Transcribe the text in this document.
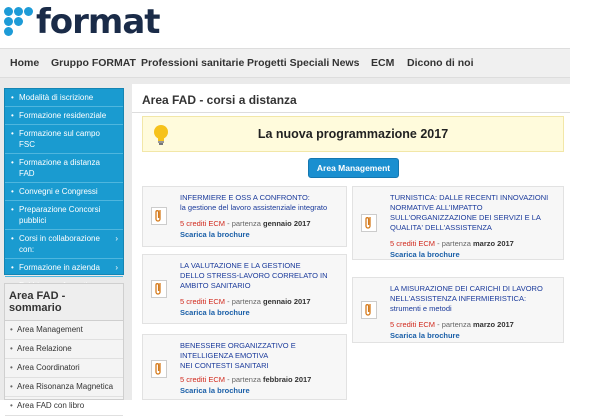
format
Home Gruppo FORMAT Professioni sanitarie Progetti Speciali News ECM Dicono di noi
• Modalità di iscrizione
• Formazione residenziale
• Formazione sul campo FSC
• Formazione a distanza FAD
• Convegni e Congressi
• Preparazione Concorsi pubblici
• Corsi in collaborazione con:
›
• Formazione in azienda ›
•
Area FAD - sommario
• Area Management
• Area Relazione
• Area Coordinatori
• Area Risonanza Magnetica
• Area FAD con libro
Area FAD - corsi a distanza
La nuova programmazione 2017
Area Management
INFERMIERE E OSS A CONFRONTO:
la gestione del lavoro assistenziale integrato
5 crediti ECM - partenza gennaio 2017
Scarica la brochure
TURNISTICA: DALLE RECENTI INNOVAZIONI
NORMATIVE ALL'IMPATTO
SULL'ORGANIZZAZIONE DEI SERVIZI E LA
QUALITA' DELL'ASSISTENZA
5 crediti ECM - partenza marzo 2017
Scarica la brochure
LA VALUTAZIONE E LA GESTIONE
DELLO STRESS-LAVORO CORRELATO IN
AMBITO SANITARIO
5 crediti ECM - partenza gennaio 2017
Scarica la brochure
LA MISURAZIONE DEI CARICHI DI LAVORO
NELL'ASSISTENZA INFERMIERISTICA:
strumenti e metodi
5 crediti ECM - partenza marzo 2017
Scarica la brochure
BENESSERE ORGANIZZATIVO E
INTELLIGENZA EMOTIVA
NEI CONTESTI SANITARI
5 crediti ECM - partenza febbraio 2017
Scarica la brochure
